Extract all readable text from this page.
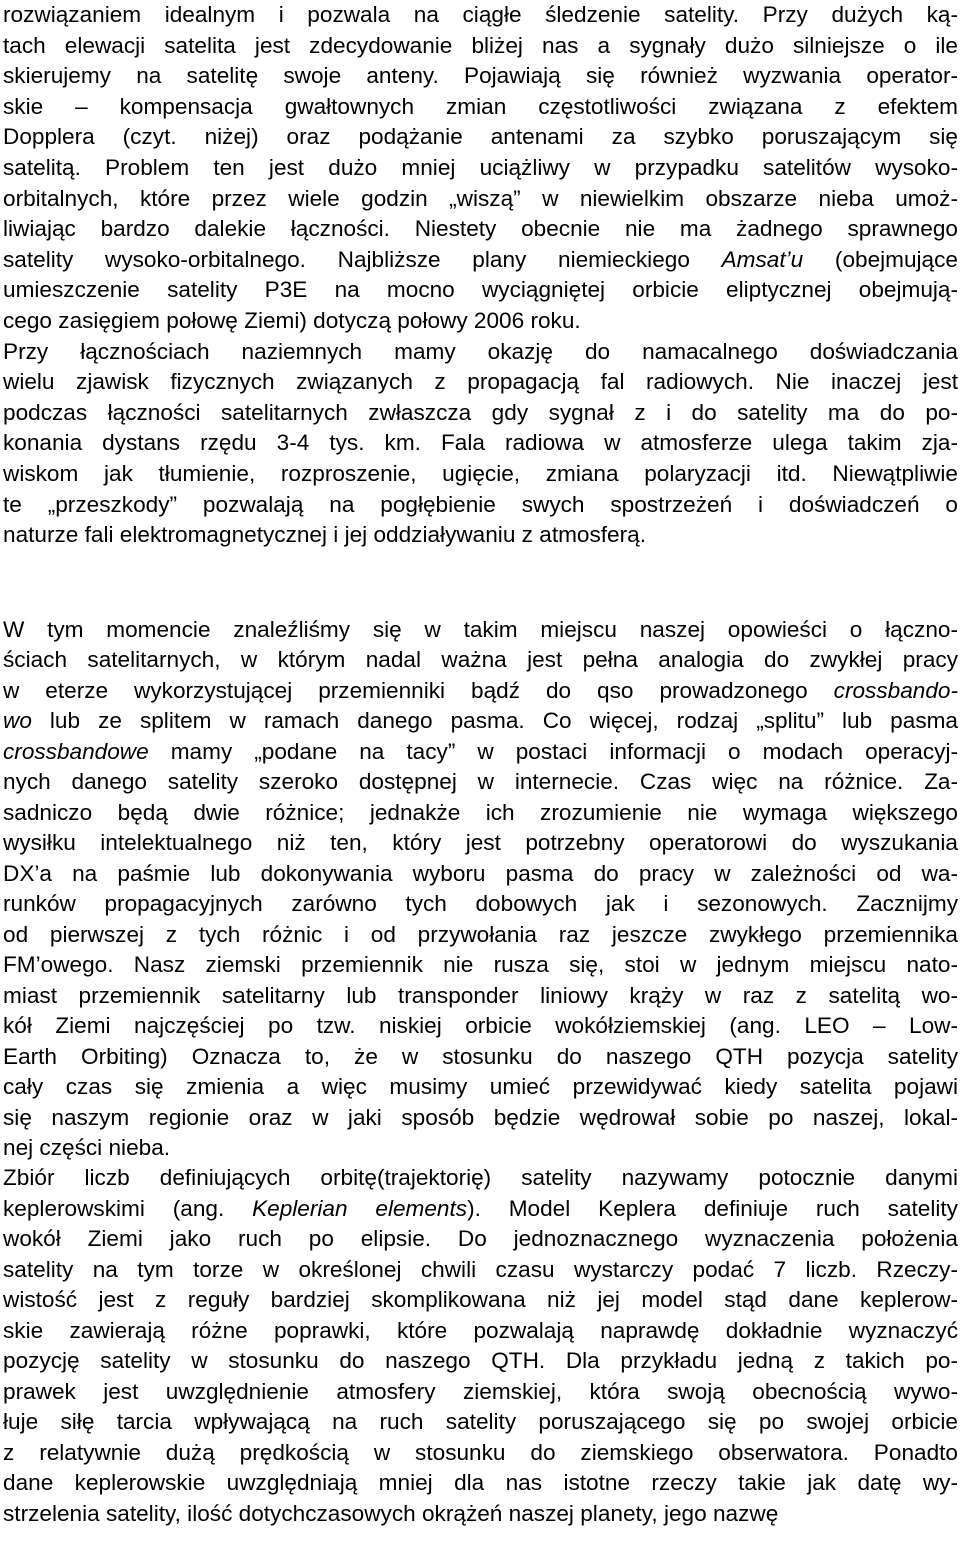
rozwiązaniem idealnym i pozwala na ciągłe śledzenie satelity. Przy dużych ką-
tach elewacji satelita jest zdecydowanie bliżej nas a sygnały dużo silniejsze o ile
skierujemy na satelitę swoje anteny. Pojawiają się również wyzwania operator-
skie – kompensacja gwałtownych zmian częstotliwości związana z efektem
Dopplera (czyt. niżej) oraz podążanie antenami za szybko poruszającym się
satelitą. Problem ten jest dużo mniej uciążliwy w przypadku satelitów wysoko-
orbitalnych, które przez wiele godzin „wiszą” w niewielkim obszarze nieba umoż-
liwiając bardzo dalekie łączności. Niestety obecnie nie ma żadnego sprawnego
satelity wysoko-orbitalnego. Najbliższe plany niemieckiego Amsat’u (obejmujące
umieszczenie satelity P3E na mocno wyciągniętej orbicie eliptycznej obejmują-
cego zasięgiem połowę Ziemi) dotyczą połowy 2006 roku.
Przy łącznościach naziemnych mamy okazję do namacalnego doświadczania
wielu zjawisk fizycznych związanych z propagacją fal radiowych. Nie inaczej jest
podczas łączności satelitarnych zwłaszcza gdy sygnał z i do satelity ma do po-
konania dystans rzędu 3-4 tys. km. Fala radiowa w atmosferze ulega takim zja-
wiskom jak tłumienie, rozproszenie, ugięcie, zmiana polaryzacji itd. Niewątpliwie
te „przeszkody” pozwalają na pogłębienie swych spostrzeżeń i doświadczeń o
naturze fali elektromagnetycznej i jej oddziaływaniu z atmosferą.
W tym momencie znaleźliśmy się w takim miejscu naszej opowieści o łączno-
ściach satelitarnych, w którym nadal ważna jest pełna analogia do zwykłej pracy
w eterze wykorzystującej przemienniki bądź do qso prowadzonego crossbando-
wo lub ze splitem w ramach danego pasma. Co więcej, rodzaj „splitu” lub pasma
crossbandowe mamy „podane na tacy” w postaci informacji o modach operacyj-
nych danego satelity szeroko dostępnej w internecie. Czas więc na różnice. Za-
sadniczo będą dwie różnice; jednakże ich zrozumienie nie wymaga większego
wysiłku intelektualnego niż ten, który jest potrzebny operatorowi do wyszukania
DX’a na paśmie lub dokonywania wyboru pasma do pracy w zależności od wa-
runków propagacyjnych zarówno tych dobowych jak i sezonowych. Zacznijmy
od pierwszej z tych różnic i od przywołania raz jeszcze zwykłego przemiennika
FM’owego. Nasz ziemski przemiennik nie rusza się, stoi w jednym miejscu nato-
miast przemiennik satelitarny lub transponder liniowy krąży w raz z satelitą wo-
kół Ziemi najczęściej po tzw. niskiej orbicie wokółziemskiej (ang. LEO – Low-
Earth Orbiting) Oznacza to, że w stosunku do naszego QTH pozycja satelity
cały czas się zmienia a więc musimy umieć przewidywać kiedy satelita pojawi
się naszym regionie oraz w jaki sposób będzie wędrował sobie po naszej, lokal-
nej części nieba.
Zbiór liczb definiujących orbitę(trajektorię) satelity nazywamy potocznie danymi
keplerowskimi (ang. Keplerian elements). Model Keplera definiuje ruch satelity
wokół Ziemi jako ruch po elipsie. Do jednoznacznego wyznaczenia położenia
satelity na tym torze w określonej chwili czasu wystarczy podać 7 liczb. Rzeczy-
wistość jest z reguły bardziej skomplikowana niż jej model stąd dane keplerow-
skie zawierają różne poprawki, które pozwalają naprawdę dokładnie wyznaczyć
pozycję satelity w stosunku do naszego QTH. Dla przykładu jedną z takich po-
prawek jest uwzględnienie atmosfery ziemskiej, która swoją obecnością wywo-
łuje siłę tarcia wpływającą na ruch satelity poruszającego się po swojej orbicie
z relatywnie dużą prędkością w stosunku do ziemskiego obserwatora. Ponadto
dane keplerowskie uwzględniają mniej dla nas istotne rzeczy takie jak datę wy-
strzelenia satelity, ilość dotychczasowych okrążeń naszej planety, jego nazwę
